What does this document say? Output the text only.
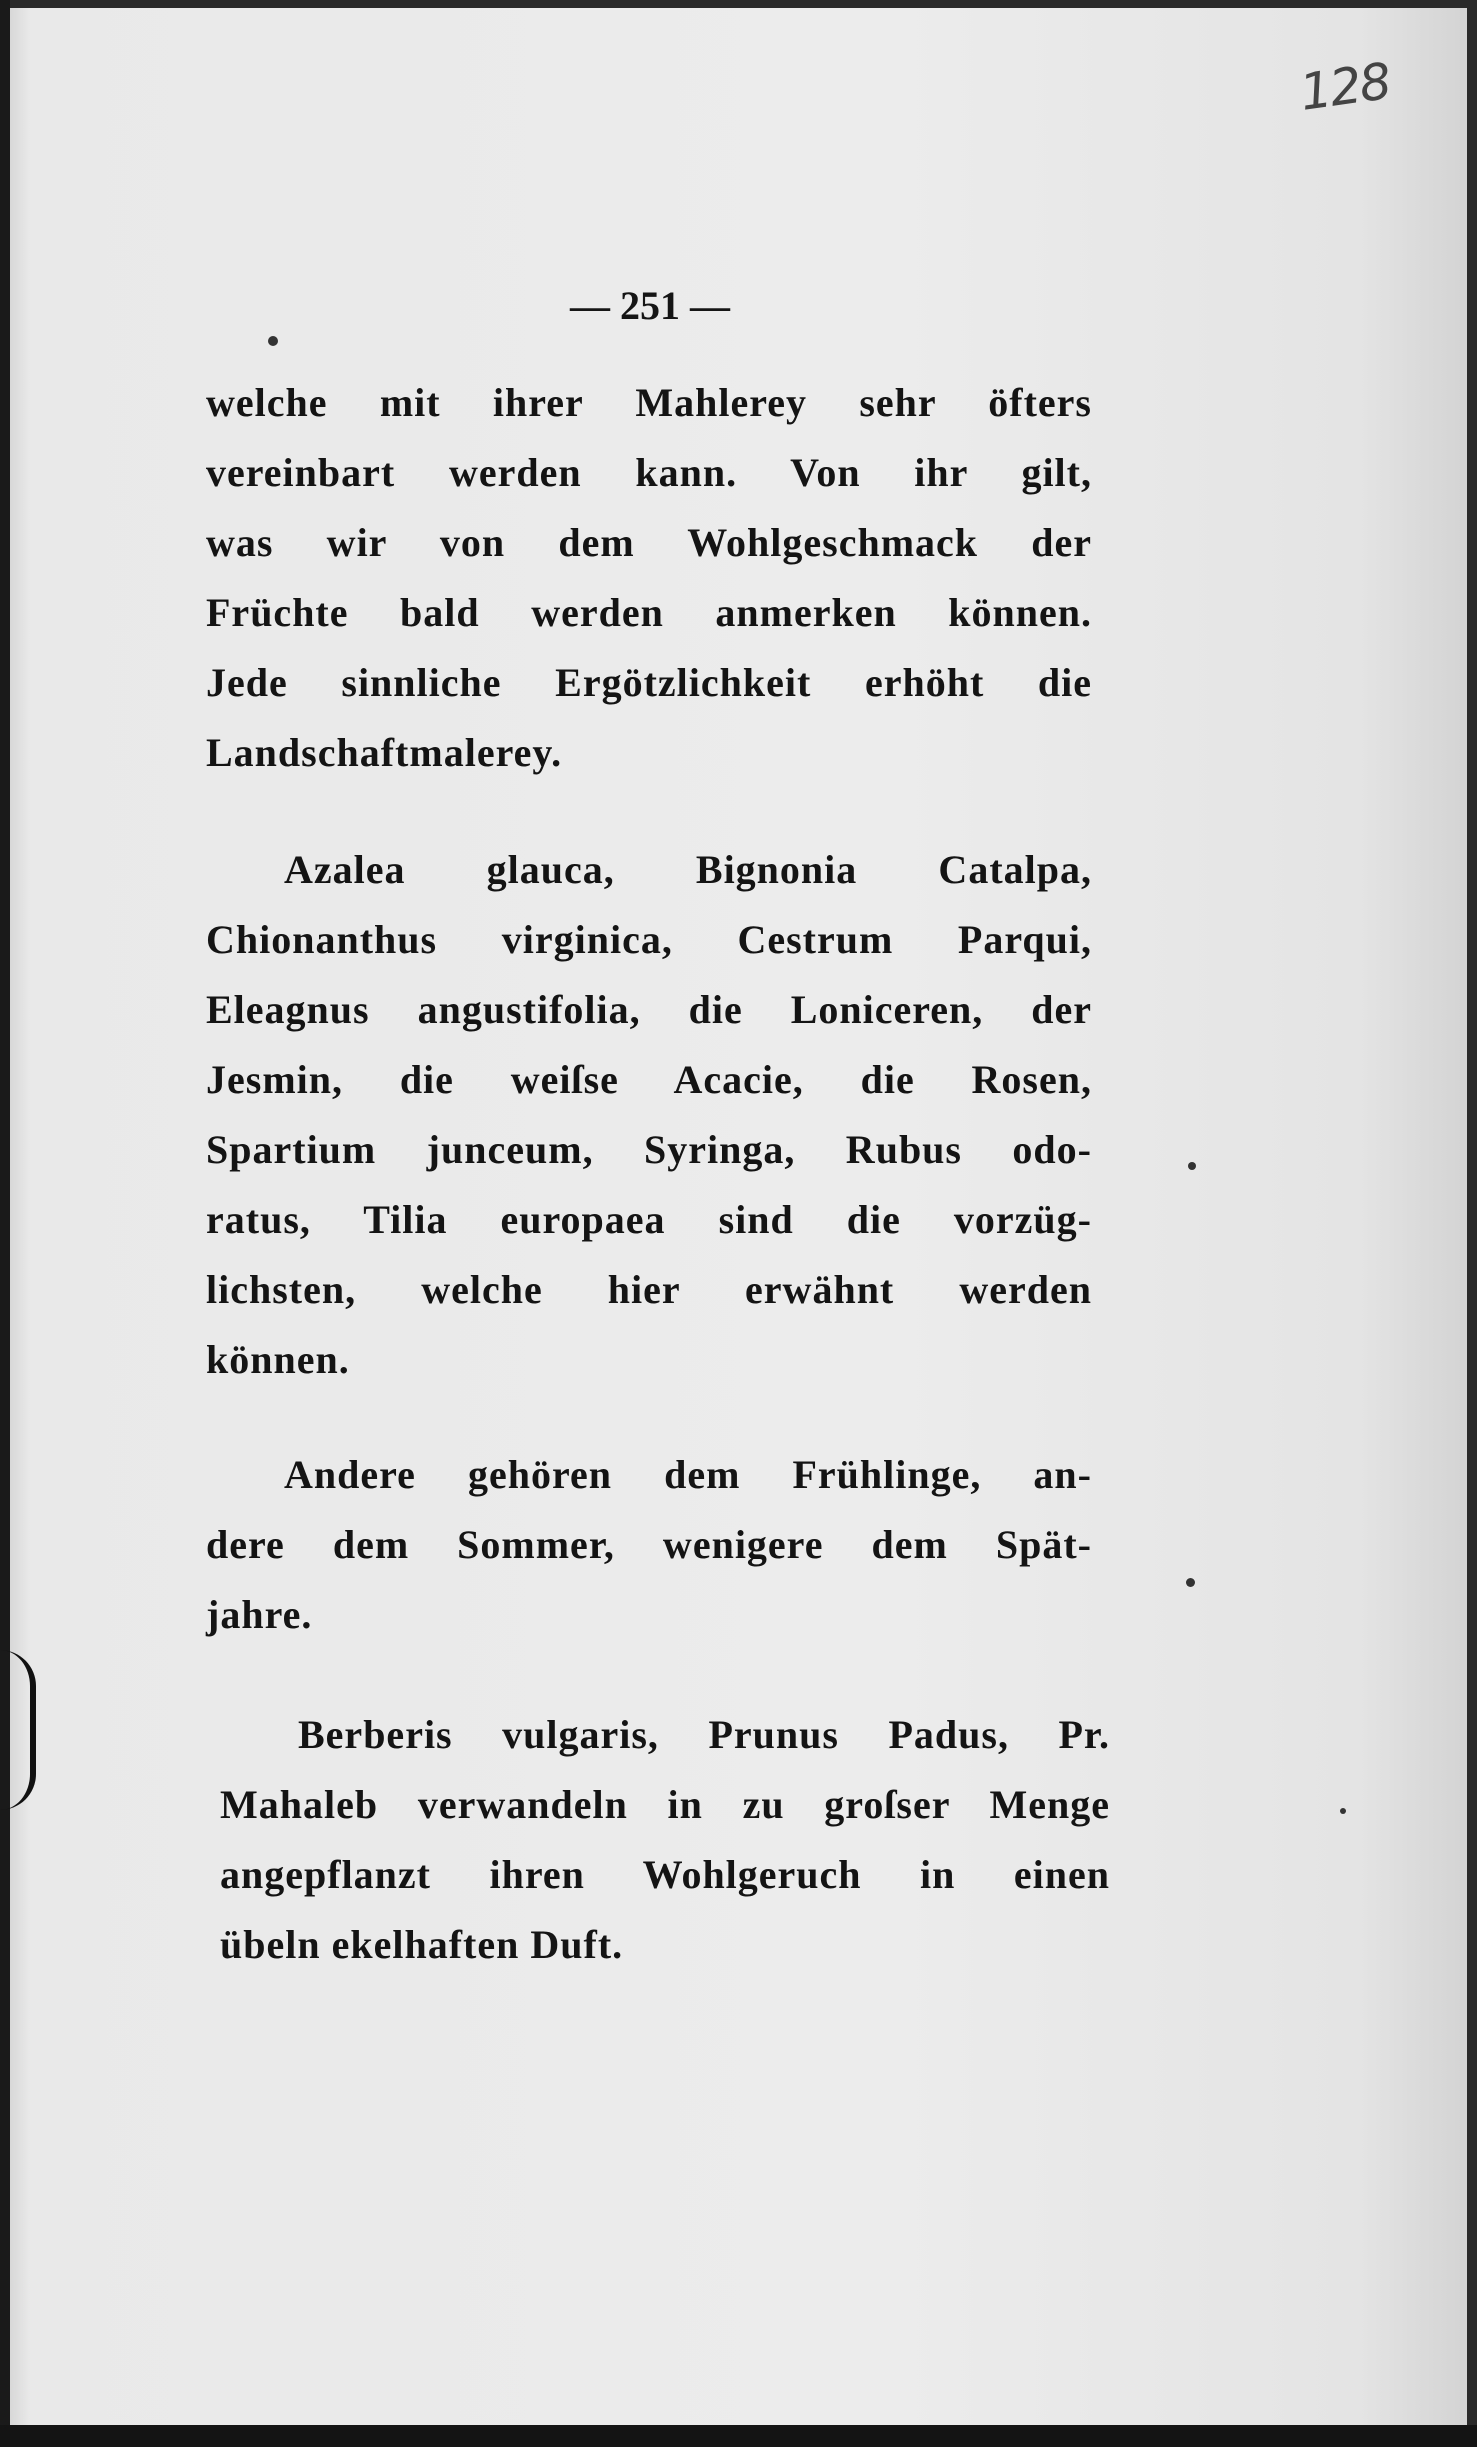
128
— 251 —
welche mit ihrer Mahlerey sehr öfters
vereinbart werden kann. Von ihr gilt,
was wir von dem Wohlgeschmack der
Früchte bald werden anmerken können.
Jede sinnliche Ergötzlichkeit erhöht die
Landschaftmalerey.
Azalea glauca, Bignonia Catalpa,
Chionanthus virginica, Cestrum Parqui,
Eleagnus angustifolia, die Loniceren, der
Jesmin, die weiſse Acacie, die Rosen,
Spartium junceum, Syringa, Rubus odo-
ratus, Tilia europaea sind die vorzüg-
lichsten, welche hier erwähnt werden
können.
Andere gehören dem Frühlinge, an-
dere dem Sommer, wenigere dem Spät-
jahre.
Berberis vulgaris, Prunus Padus, Pr.
Mahaleb verwandeln in zu groſser Menge
angepflanzt ihren Wohlgeruch in einen
übeln ekelhaften Duft.
